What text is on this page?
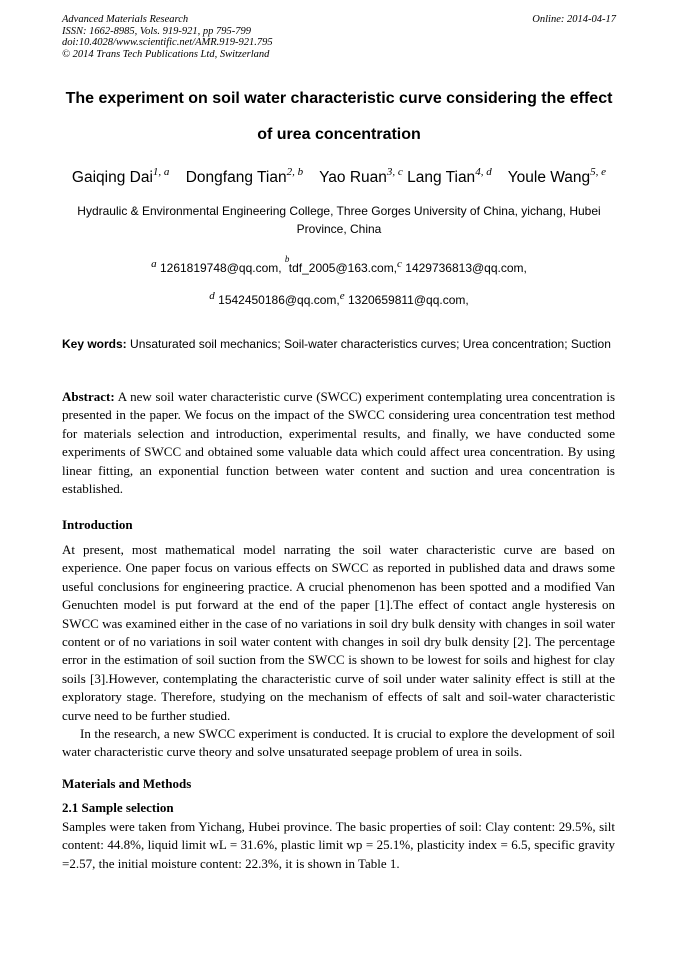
Advanced Materials Research
ISSN: 1662-8985, Vols. 919-921, pp 795-799
doi:10.4028/www.scientific.net/AMR.919-921.795
© 2014 Trans Tech Publications Ltd, Switzerland
Online: 2014-04-17
The experiment on soil water characteristic curve considering the effect
of urea concentration
Gaiqing Dai$^{1, a}$ Dongfang Tian$^{2, b}$ Yao Ruan$^{3, c}$ Lang Tian$^{4, d}$ Youle Wang$^{5, e}$
Hydraulic & Environmental Engineering College, Three Gorges University of China, yichang, Hubei Province, China
$^a$ 1261819748@qq.com, $^b$ tdf_2005@163.com,$^c$ 1429736813@qq.com,
$^d$ 1542450186@qq.com,$^e$ 1320659811@qq.com,
Key words: Unsaturated soil mechanics; Soil-water characteristics curves; Urea concentration; Suction
Abstract: A new soil water characteristic curve (SWCC) experiment contemplating urea concentration is presented in the paper. We focus on the impact of the SWCC considering urea concentration test method for materials selection and introduction, experimental results, and finally, we have conducted some experiments of SWCC and obtained some valuable data which could affect urea concentration. By using linear fitting, an exponential function between water content and suction and urea concentration is established.
Introduction

At present, most mathematical model narrating the soil water characteristic curve are based on experience. One paper focus on various effects on SWCC as reported in published data and draws some useful conclusions for engineering practice. A crucial phenomenon has been spotted and a modified Van Genuchten model is put forward at the end of the paper [1].The effect of contact angle hysteresis on SWCC was examined either in the case of no variations in soil dry bulk density with changes in soil water content or of no variations in soil water content with changes in soil dry bulk density [2]. The percentage error in the estimation of soil suction from the SWCC is shown to be lowest for soils and highest for clay soils [3].However, contemplating the characteristic curve of soil under water salinity effect is still at the exploratory stage. Therefore, studying on the mechanism of effects of salt and soil-water characteristic curve need to be further studied.

In the research, a new SWCC experiment is conducted. It is crucial to explore the development of soil water characteristic curve theory and solve unsaturated seepage problem of urea in soils.

Materials and Methods
2.1 Sample selection

Samples were taken from Yichang, Hubei province. The basic properties of soil: Clay content: 29.5%, silt content: 44.8%, liquid limit wL = 31.6%, plastic limit wp = 25.1%, plasticity index = 6.5, specific gravity =2.57, the initial moisture content: 22.3%, it is shown in Table 1.
